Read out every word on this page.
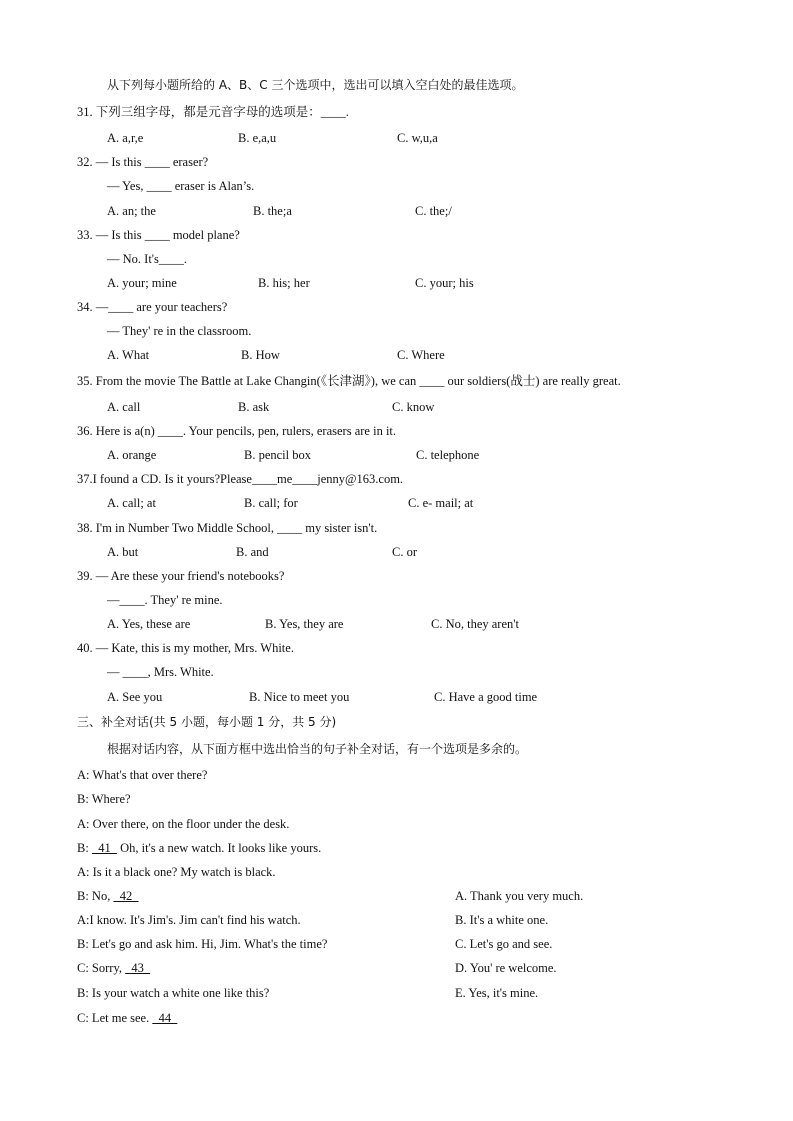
从下列每小题所给的 A、B、C 三个选项中，选出可以填入空白处的最佳选项。
31. 下列三组字母，都是元音字母的选项是：____.
A. a,r,e	B. e,a,u	C. w,u,a
32. — Is this ____ eraser?
— Yes, ____ eraser is Alan’s.
A. an; the	B. the;a	C. the;/
33. — Is this ____ model plane?
— No. It's____.
A. your; mine	B. his; her	C. your; his
34. —____ are your teachers?
— They' re in the classroom.
A. What	B. How	C. Where
35. From the movie The Battle at Lake Changin(《长津湖》), we can ____ our soldiers(战士) are really great.
A. call	B. ask	C. know
36. Here is a(n) ____. Your pencils, pen, rulers, erasers are in it.
A. orange	B. pencil box	C. telephone
37.I found a CD. Is it yours?Please____me____jenny@163.com.
A. call; at	B. call; for	C. e- mail; at
38. I'm in Number Two Middle School, ____ my sister isn't.
A. but	B. and	C. or
39. — Are these your friend's notebooks?
—____. They' re mine.
A. Yes, these are	B. Yes, they are	C. No, they aren't
40. — Kate, this is my mother, Mrs. White.
— ____, Mrs. White.
A. See you	B. Nice to meet you	C. Have a good time
三、补全对话(共 5 小题，每小题 1 分，共 5 分)
根据对话内容，从下面方框中选出恰当的句子补全对话，有一个选项是多余的。
A: What's that over there?
B: Where?
A: Over there, on the floor under the desk.
B:   41   Oh, it's a new watch. It looks like yours.
A: Is it a black one? My watch is black.
B: No,   42
A:I know. It's Jim's. Jim can't find his watch.
B: Let's go and ask him. Hi, Jim. What's the time?
C: Sorry,   43
B: Is your watch a white one like this?
C: Let me see.   44
A. Thank you very much.
B. It's a white one.
C. Let's go and see.
D. You' re welcome.
E. Yes, it's mine.
